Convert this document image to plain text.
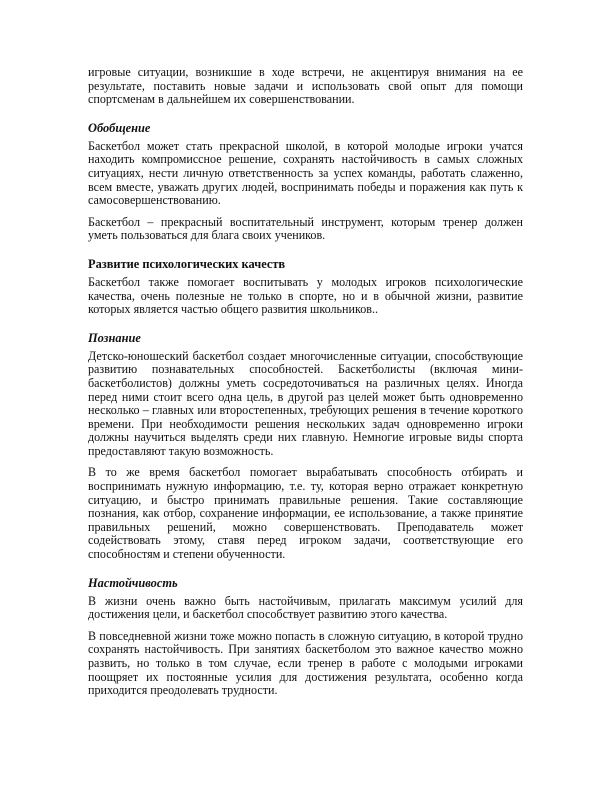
игровые ситуации, возникшие в ходе встречи, не акцентируя внимания на ее результате, поставить новые задачи и использовать свой опыт для помощи спортсменам в дальнейшем их совершенствовании.

Обобщение

Баскетбол может стать прекрасной школой, в которой молодые игроки учатся находить компромиссное решение, сохранять настойчивость в самых сложных ситуациях, нести личную ответственность за успех команды, работать слаженно, всем вместе, уважать других людей, воспринимать победы и поражения как путь к самосовершенствованию.

Баскетбол – прекрасный воспитательный инструмент, которым тренер должен уметь пользоваться для блага своих учеников.

Развитие психологических качеств

Баскетбол также помогает воспитывать у молодых игроков психологические качества, очень полезные не только в спорте, но и в обычной жизни, развитие которых является частью общего развития школьников..

Познание

Детско-юношеский баскетбол создает многочисленные ситуации, способствующие развитию познавательных способностей. Баскетболисты (включая мини-баскетболистов) должны уметь сосредоточиваться на различных целях. Иногда перед ними стоит всего одна цель, в другой раз целей может быть одновременно несколько – главных или второстепенных, требующих решения в течение короткого времени. При необходимости решения нескольких задач одновременно игроки должны научиться выделять среди них главную. Немногие игровые виды спорта предоставляют такую возможность.

В то же время баскетбол помогает вырабатывать способность отбирать и воспринимать нужную информацию, т.е. ту, которая верно отражает конкретную ситуацию, и быстро принимать правильные решения. Такие составляющие познания, как отбор, сохранение информации, ее использование, а также принятие правильных решений, можно совершенствовать. Преподаватель может содействовать этому, ставя перед игроком задачи, соответствующие его способностям и степени обученности.

Настойчивость

В жизни очень важно быть настойчивым, прилагать максимум усилий для достижения цели, и баскетбол способствует развитию этого качества.

В повседневной жизни тоже можно попасть в сложную ситуацию, в которой трудно сохранять настойчивость. При занятиях баскетболом это важное качество можно развить, но только в том случае, если тренер в работе с молодыми игроками поощряет их постоянные усилия для достижения результата, особенно когда приходится преодолевать трудности.
